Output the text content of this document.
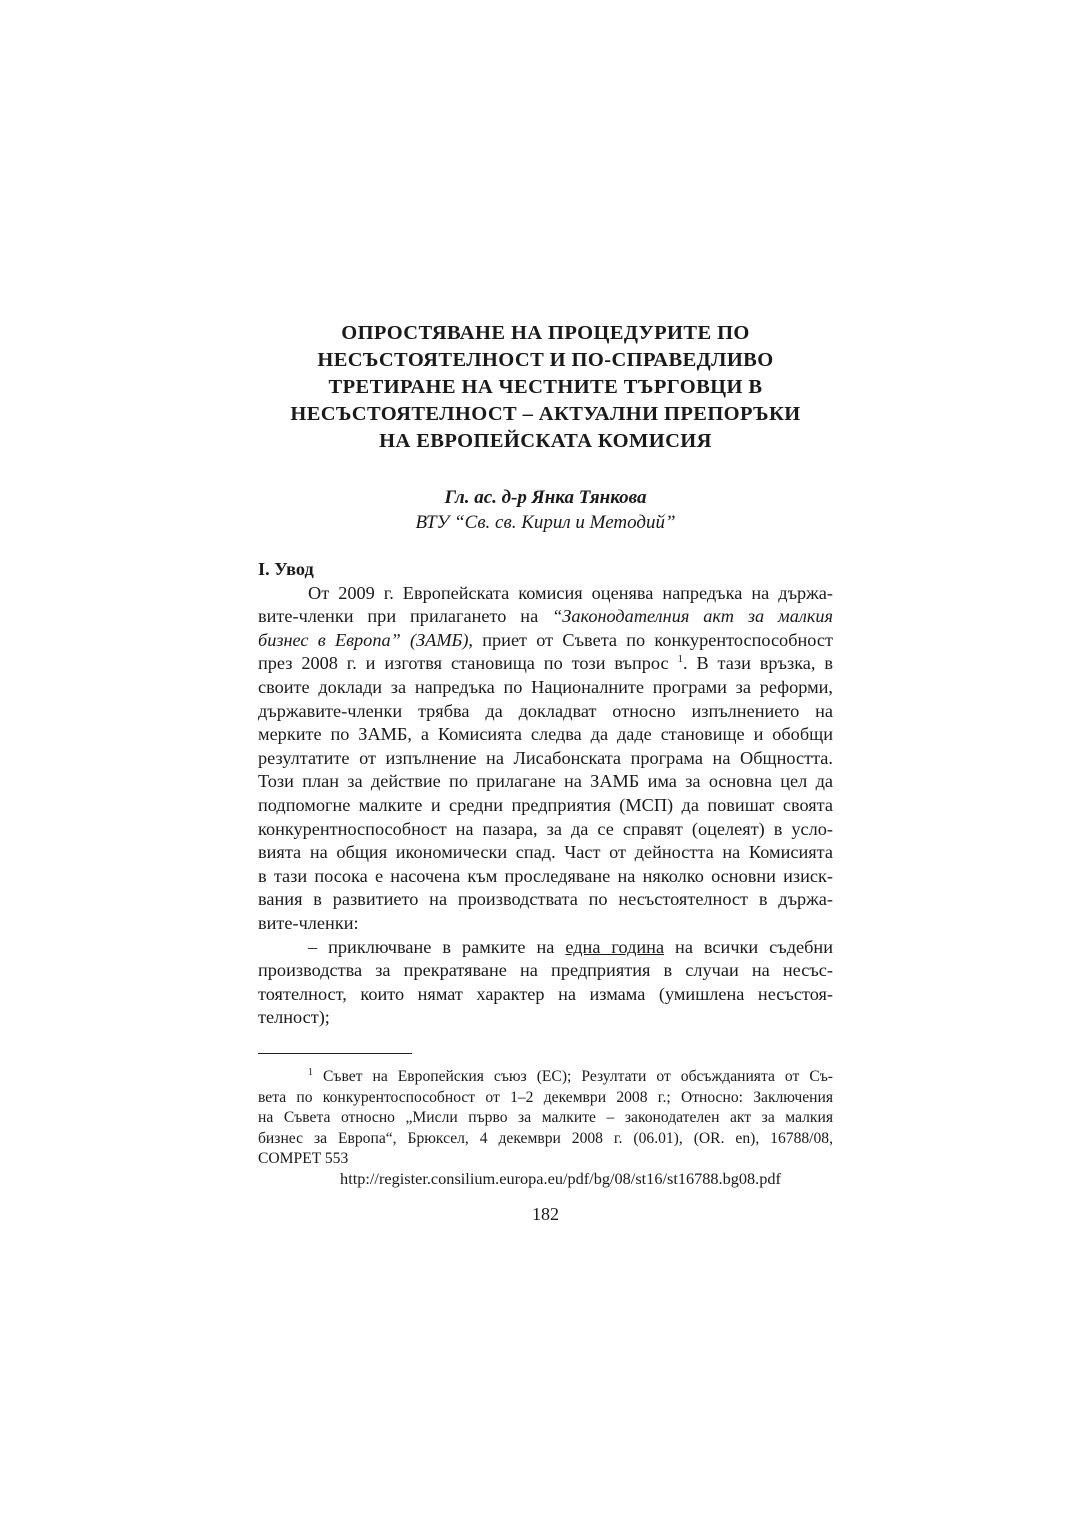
ОПРОСТЯВАНЕ НА ПРОЦЕДУРИТЕ ПО
НЕСЪСТОЯТЕЛНОСТ И ПО-СПРАВЕДЛИВО
ТРЕТИРАНЕ НА ЧЕСТНИТЕ ТЪРГОВЦИ В
НЕСЪСТОЯТЕЛНОСТ – АКТУАЛНИ ПРЕПОРЪКИ
НА ЕВРОПЕЙСКАТА КОМИСИЯ
Гл. ас. д-р Янка Тянкова
ВТУ “Св. св. Кирил и Методий”
I. Увод
От 2009 г. Европейската комисия оценява напредъка на държа-
вите-членки при прилагането на “Законодателния акт за малкия
бизнес в Европа” (ЗАМБ), приет от Съвета по конкурентоспособност
през 2008 г. и изготвя становища по този въпрос $^1$. В тази връзка, в
своите доклади за напредъка по Националните програми за реформи,
държавите-членки трябва да докладват относно изпълнението на
мерките по ЗАМБ, а Комисията следва да даде становище и обобщи
резултатите от изпълнение на Лисабонската програма на Общността.
Този план за действие по прилагане на ЗАМБ има за основна цел да
подпомогне малките и средни предприятия (МСП) да повишат своята
конкурентноспособност на пазара, за да се справят (оцелеят) в усло-
вията на общия икономически спад. Част от дейността на Комисията
в тази посока е насочена към проследяване на няколко основни изиск-
вания в развитието на производствата по несъстоятелност в държа-
вите-членки:
– приключване в рамките на една година на всички съдебни
производства за прекратяване на предприятия в случаи на несъс-
тоятелност, които нямат характер на измама (умишлена несъстоя-
телност);
$^1$ Съвет на Европейския съюз (ЕС); Резултати от обсъжданията от Съ-
вета по конкурентоспособност от 1–2 декември 2008 г.; Относно: Заключения
на Съвета относно „Мисли първо за малките – законодателен акт за малкия
бизнес за Европа“, Брюксел, 4 декември 2008 г. (06.01), (OR. en), 16788/08,
COMPET 553
http://register.consilium.europa.eu/pdf/bg/08/st16/st16788.bg08.pdf
182
